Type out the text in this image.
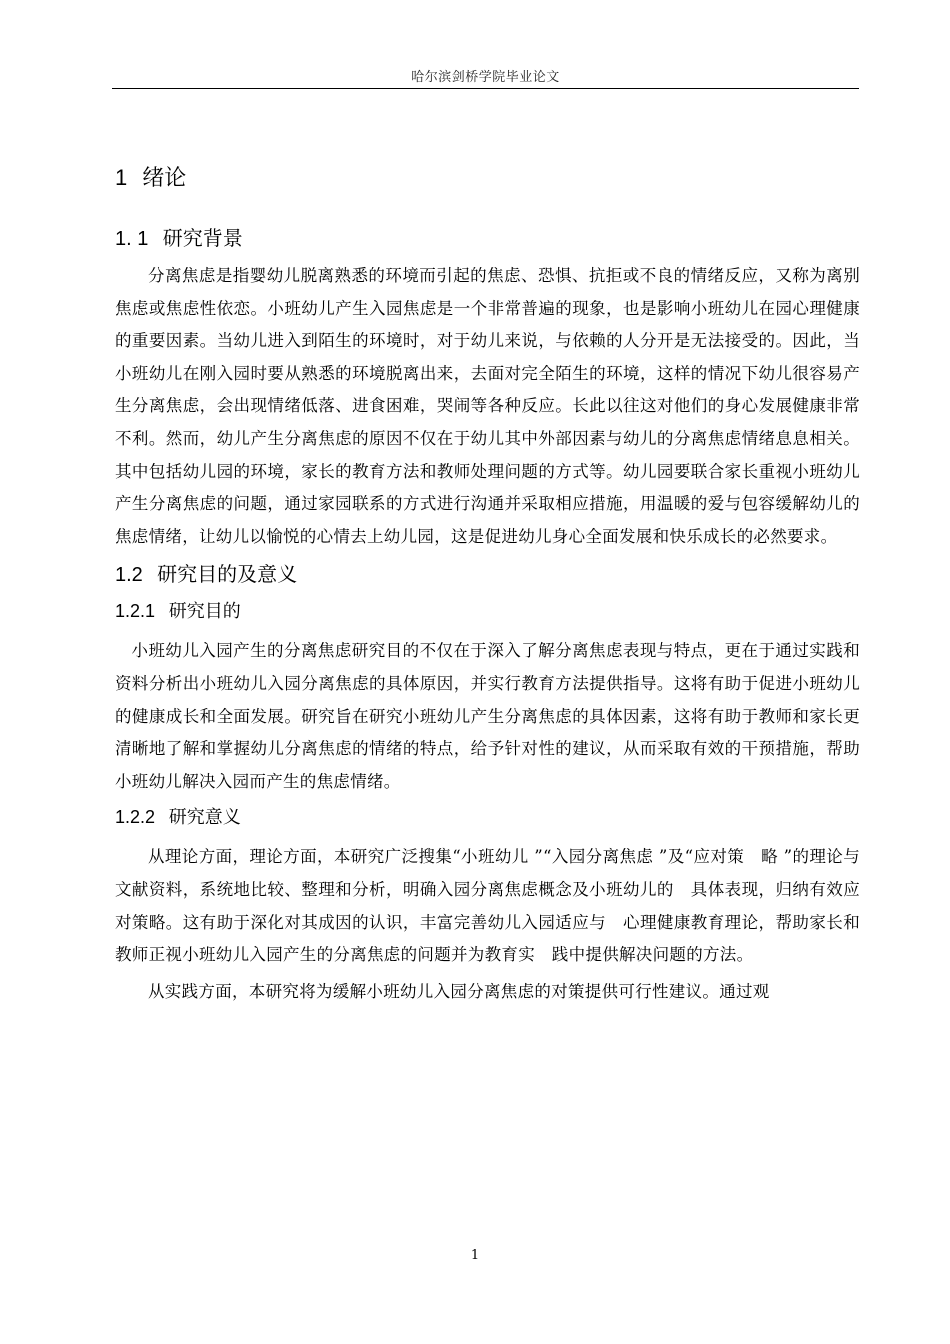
哈尔滨剑桥学院毕业论文
1 绪论
1. 1 研究背景

分离焦虑是指婴幼儿脱离熟悉的环境而引起的焦虑、恐惧、抗拒或不良的情绪反应，又称为离别焦虑或焦虑性依恋。小班幼儿产生入园焦虑是一个非常普遍的现象，也是影响小班幼儿在园心理健康的重要因素。当幼儿进入到陌生的环境时，对于幼儿来说，与依赖的人分开是无法接受的。因此，当小班幼儿在刚入园时要从熟悉的环境脱离出来，去面对完全陌生的环境，这样的情况下幼儿很容易产生分离焦虑，会出现情绪低落、进食困难，哭闹等各种反应。长此以往这对他们的身心发展健康非常不利。然而，幼儿产生分离焦虑的原因不仅在于幼儿其中外部因素与幼儿的分离焦虑情绪息息相关。其中包括幼儿园的环境，家长的教育方法和教师处理问题的方式等。幼儿园要联合家长重视小班幼儿产生分离焦虑的问题，通过家园联系的方式进行沟通并采取相应措施，用温暖的爱与包容缓解幼儿的焦虑情绪，让幼儿以愉悦的心情去上幼儿园，这是促进幼儿身心全面发展和快乐成长的必然要求。

1.2 研究目的及意义
1.2.1 研究目的

小班幼儿入园产生的分离焦虑研究目的不仅在于深入了解分离焦虑表现与特点，更在于通过实践和资料分析出小班幼儿入园分离焦虑的具体原因，并实行教育方法提供指导。这将有助于促进小班幼儿的健康成长和全面发展。研究旨在研究小班幼儿产生分离焦虑的具体因素，这将有助于教师和家长更清晰地了解和掌握幼儿分离焦虑的情绪的特点，给予针对性的建议，从而采取有效的干预措施，帮助小班幼儿解决入园而产生的焦虑情绪。

1.2.2 研究意义

从理论方面，理论方面，本研究广泛搜集“小班幼儿 ”“入园分离焦虑 ”及“应对策　略 ”的理论与文献资料，系统地比较、整理和分析，明确入园分离焦虑概念及小班幼儿的　具体表现，归纳有效应对策略。这有助于深化对其成因的认识，丰富完善幼儿入园适应与　心理健康教育理论，帮助家长和教师正视小班幼儿入园产生的分离焦虑的问题并为教育实　践中提供解决问题的方法。

从实践方面，本研究将为缓解小班幼儿入园分离焦虑的对策提供可行性建议。通过观

1
